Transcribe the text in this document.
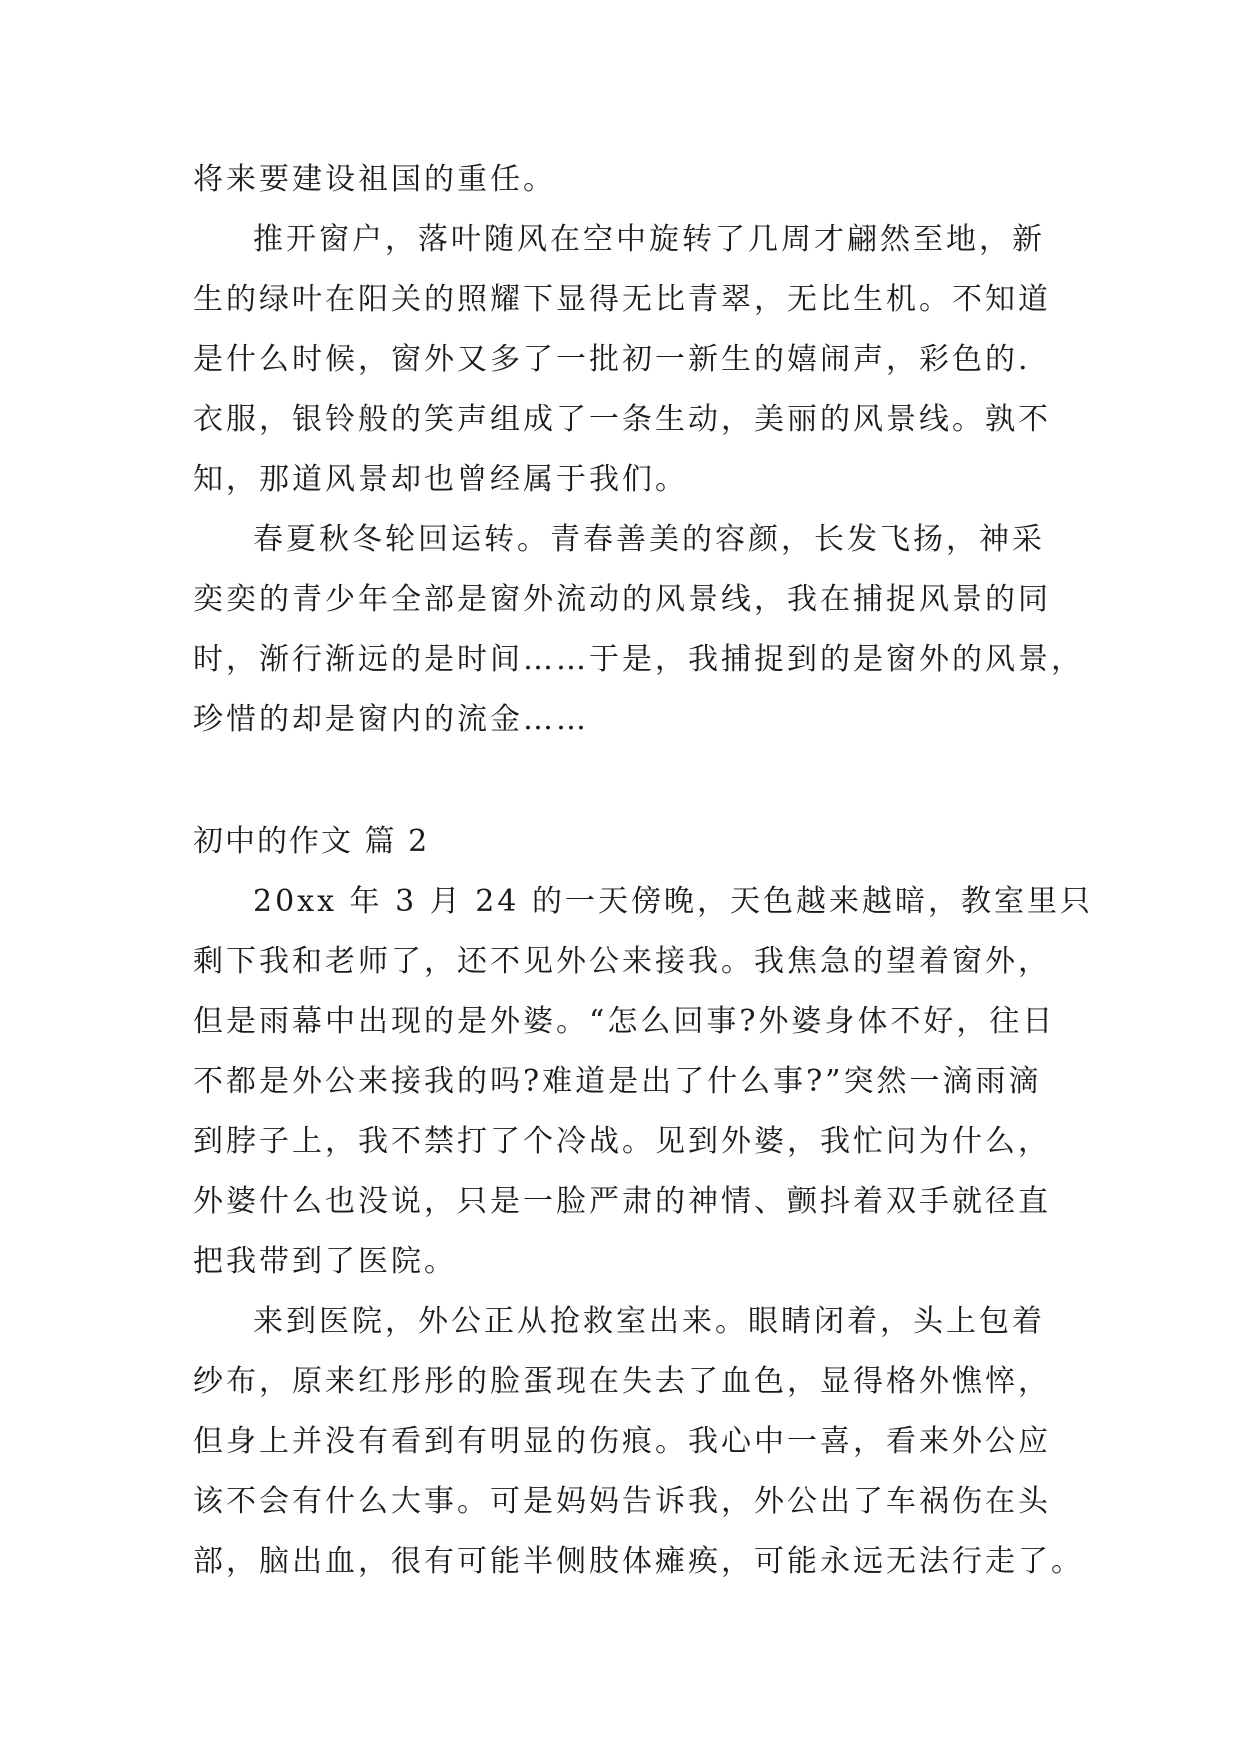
将来要建设祖国的重任。
推开窗户，落叶随风在空中旋转了几周才翩然至地，新
生的绿叶在阳关的照耀下显得无比青翠，无比生机。不知道
是什么时候，窗外又多了一批初一新生的嬉闹声，彩色的.
衣服，银铃般的笑声组成了一条生动，美丽的风景线。孰不
知，那道风景却也曾经属于我们。
春夏秋冬轮回运转。青春善美的容颜，长发飞扬，神采
奕奕的青少年全部是窗外流动的风景线，我在捕捉风景的同
时，渐行渐远的是时间……于是，我捕捉到的是窗外的风景，
珍惜的却是窗内的流金……
初中的作文 篇 2
20xx 年 3 月 24 的一天傍晚，天色越来越暗，教室里只
剩下我和老师了，还不见外公来接我。我焦急的望着窗外，
但是雨幕中出现的是外婆。“怎么回事?外婆身体不好，往日
不都是外公来接我的吗?难道是出了什么事?”突然一滴雨滴
到脖子上，我不禁打了个冷战。见到外婆，我忙问为什么，
外婆什么也没说，只是一脸严肃的神情、颤抖着双手就径直
把我带到了医院。
来到医院，外公正从抢救室出来。眼睛闭着，头上包着
纱布，原来红彤彤的脸蛋现在失去了血色，显得格外憔悴，
但身上并没有看到有明显的伤痕。我心中一喜，看来外公应
该不会有什么大事。可是妈妈告诉我，外公出了车祸伤在头
部，脑出血，很有可能半侧肢体瘫痪，可能永远无法行走了。
